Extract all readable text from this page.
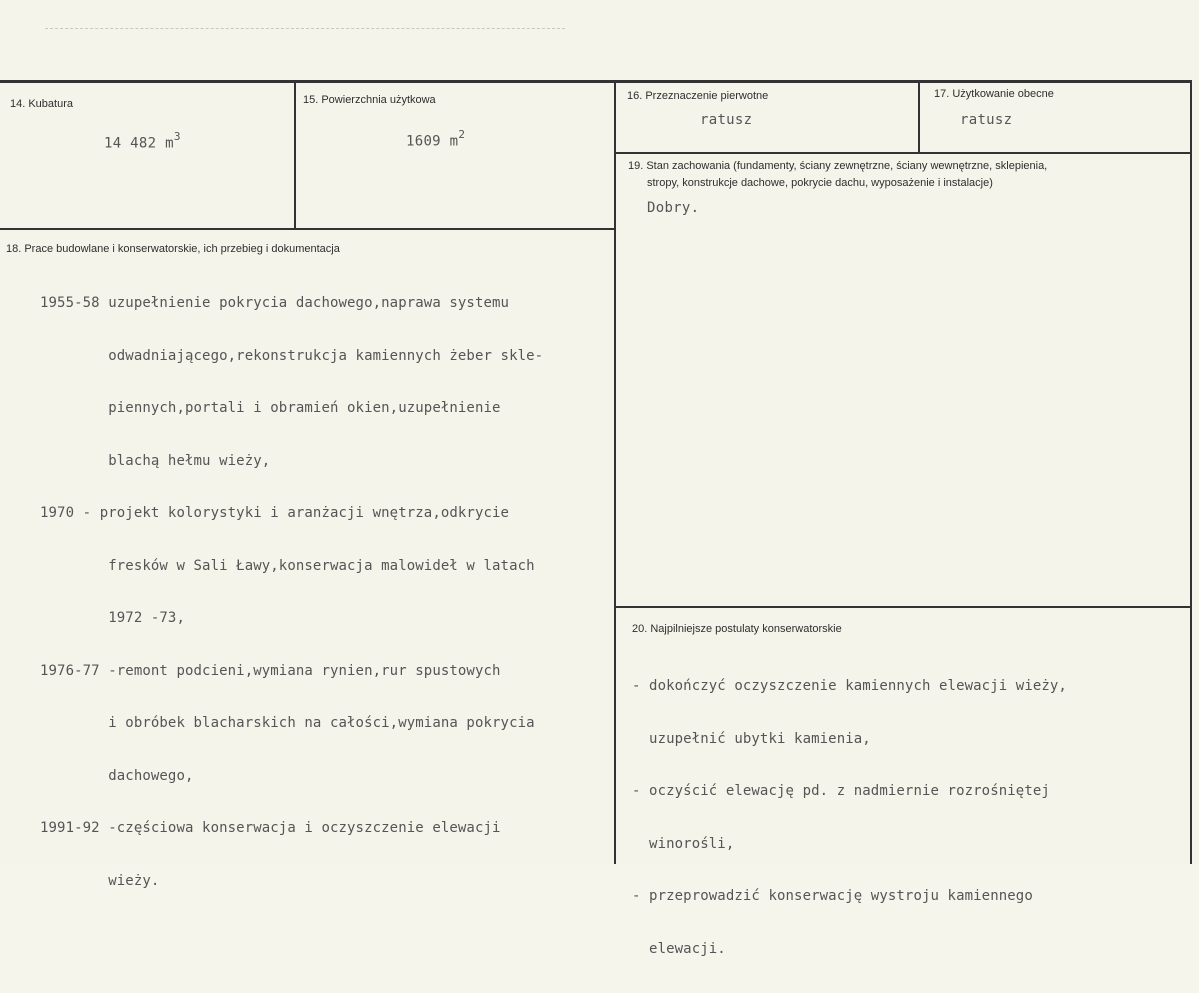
14. Kubatura
14 482 $m^3$
15. Powierzchnia użytkowa
1609 $m^2$
16. Przeznaczenie pierwotne
ratusz
17. Użytkowanie obecne
ratusz
18. Prace budowlane i konserwatorskie, ich przebieg i dokumentacja

1955-58 uzupełnienie pokrycia dachowego,naprawa systemu

odwadniającego,rekonstrukcja kamiennych żeber skle-

piennych,portali i obramień okien,uzupełnienie

blachą hełmu wieży,

1970 - projekt kolorystyki i aranżacji wnętrza,odkrycie

fresków w Sali Ławy,konserwacja malowideł w latach

1972 -73,

1976-77 -remont podcieni,wymiana rynien,rur spustowych

i obróbek blacharskich na całości,wymiana pokrycia

dachowego,

1991-92 -częściowa konserwacja i oczyszczenie elewacji

wieży.

19. Stan zachowania (fundamenty, ściany zewnętrzne, ściany wewnętrzne, sklepienia,
stropy, konstrukcje dachowe, pokrycie dachu, wyposażenie i instalacje)
Dobry.
20. Najpilniejsze postulaty konserwatorskie

- dokończyć oczyszczenie kamiennych elewacji wieży,

uzupełnić ubytki kamienia,

- oczyścić elewację pd. z nadmiernie rozrośniętej

winorośli,

- przeprowadzić konserwację wystroju kamiennego

elewacji.
